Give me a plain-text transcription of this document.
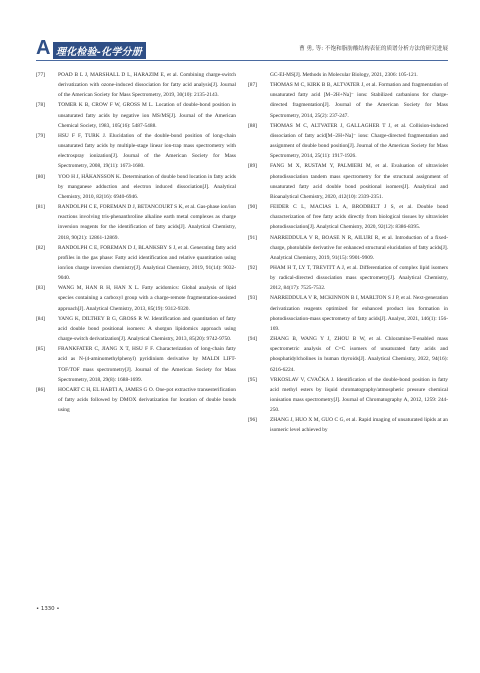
A 理化检验-化学分册	曹 勇, 等: 不饱和脂肪酸结构表征的质谱分析方法的研究进展

[77]	POAD B L J, MARSHALL D L, HARAZIM E, et al. Combining charge-switch derivatization with ozone-induced dissociation for fatty acid analysis[J]. Journal of the American Society for Mass Spectrometry, 2019, 30(10): 2135-2143.

[78]	TOMER K B, CROW F W, GROSS M L. Location of double-bond position in unsaturated fatty acids by negative ion MS/MS[J]. Journal of the American Chemical Society, 1983, 105(16): 5487-5488.

[79]	HSU F F, TURK J. Elucidation of the double-bond position of long-chain unsaturated fatty acids by multiple-stage linear ion-trap mass spectrometry with electrospray ionization[J]. Journal of the American Society for Mass Spectrometry, 2008, 19(11): 1673-1680.

[80]	YOO H J, HÅKANSSON K. Determination of double bond location in fatty acids by manganese adduction and electron induced dissociation[J]. Analytical Chemistry, 2010, 82(16): 6940-6946.

[81]	RANDOLPH C E, FOREMAN D J, BETANCOURT S K, et al. Gas-phase ion/ion reactions involving tris-phenanthroline alkaline earth metal complexes as charge inversion reagents for the identification of fatty acids[J]. Analytical Chemistry, 2018, 90(21): 12861-12869.

[82]	RANDOLPH C E, FOREMAN D J, BLANKSBY S J, et al. Generating fatty acid profiles in the gas phase: Fatty acid identification and relative quantitation using ion/ion charge inversion chemistry[J]. Analytical Chemistry, 2019, 91(14): 9032-9040.

[83]	WANG M, HAN R H, HAN X L. Fatty acidomics: Global analysis of lipid species containing a carboxyl group with a charge-remote fragmentation-assisted approach[J]. Analytical Chemistry, 2013, 85(19): 9312-9320.

[84]	YANG K, DILTHEY B G, GROSS R W. Identification and quantitation of fatty acid double bond positional isomers: A shotgun lipidomics approach using charge-switch derivatization[J]. Analytical Chemistry, 2013, 85(20): 9742-9750.

[85]	FRANKFATER C, JIANG X T, HSU F F. Characterization of long-chain fatty acid as N-(4-aminomethylphenyl) pyridinium derivative by MALDI LIFT-TOF/TOF mass spectrometry[J]. Journal of the American Society for Mass Spectrometry, 2018, 29(8): 1688-1699.

[86]	HOCART C H, EL HABTI A, JAMES G O. One-pot extractive transesterification of fatty acids followed by DMOX derivatization for location of double bonds using

GC-EI-MS[J]. Methods in Molecular Biology, 2021, 2306: 105-121.

[87]	THOMAS M C, KIRK B B, ALTVATER J, et al. Formation and fragmentation of unsaturated fatty acid [M−2H+Na]⁻ ions: Stabilized carbanions for charge-directed fragmentation[J]. Journal of the American Society for Mass Spectrometry, 2014, 25(2): 237-247.

[88]	THOMAS M C, ALTVATER J, GALLAGHER T J, et al. Collision-induced dissociation of fatty acid[M−2H+Na]⁻ ions: Charge-directed fragmentation and assignment of double bond position[J]. Journal of the American Society for Mass Spectrometry, 2014, 25(11): 1917-1926.

[89]	FANG M X, RUSTAM Y, PALMIERI M, et al. Evaluation of ultraviolet photodissociation tandem mass spectrometry for the structural assignment of unsaturated fatty acid double bond positional isomers[J]. Analytical and Bioanalytical Chemistry, 2020, 412(10): 2339-2351.

[90]	FEIDER C L, MACIAS L A, BRODBELT J S, et al. Double bond characterization of free fatty acids directly from biological tissues by ultraviolet photodissociation[J]. Analytical Chemistry, 2020, 92(12): 8386-8395.

[91]	NARREDDULA V R, BOASE N R, AILURI R, et al. Introduction of a fixed-charge, photolabile derivative for enhanced structural elucidation of fatty acids[J]. Analytical Chemistry, 2019, 91(15): 9901-9909.

[92]	PHAM H T, LY T, TREVITT A J, et al. Differentiation of complex lipid isomers by radical-directed dissociation mass spectrometry[J]. Analytical Chemistry, 2012, 84(17): 7525-7532.

[93]	NARREDDULA V R, MCKINNON B I, MARLTON S J P, et al. Next-generation derivatization reagents optimized for enhanced product ion formation in photodissociation-mass spectrometry of fatty acids[J]. Analyst, 2021, 146(1): 156-169.

[94]	ZHANG B, WANG Y J, ZHOU B W, et al. Chloramine-T-enabled mass spectrometric analysis of C=C isomers of unsaturated fatty acids and phosphatidylcholines in human thyroids[J]. Analytical Chemistry, 2022, 94(16): 6216-6224.

[95]	VRKOSLAV V, CVAČKA J. Identification of the double-bond position in fatty acid methyl esters by liquid chromatography/atmospheric pressure chemical ionisation mass spectrometry[J]. Journal of Chromatography A, 2012, 1259: 244-250.

[96]	ZHANG J, HUO X M, GUO C G, et al. Rapid imaging of unsaturated lipids at an isomeric level achieved by

• 1330 •
